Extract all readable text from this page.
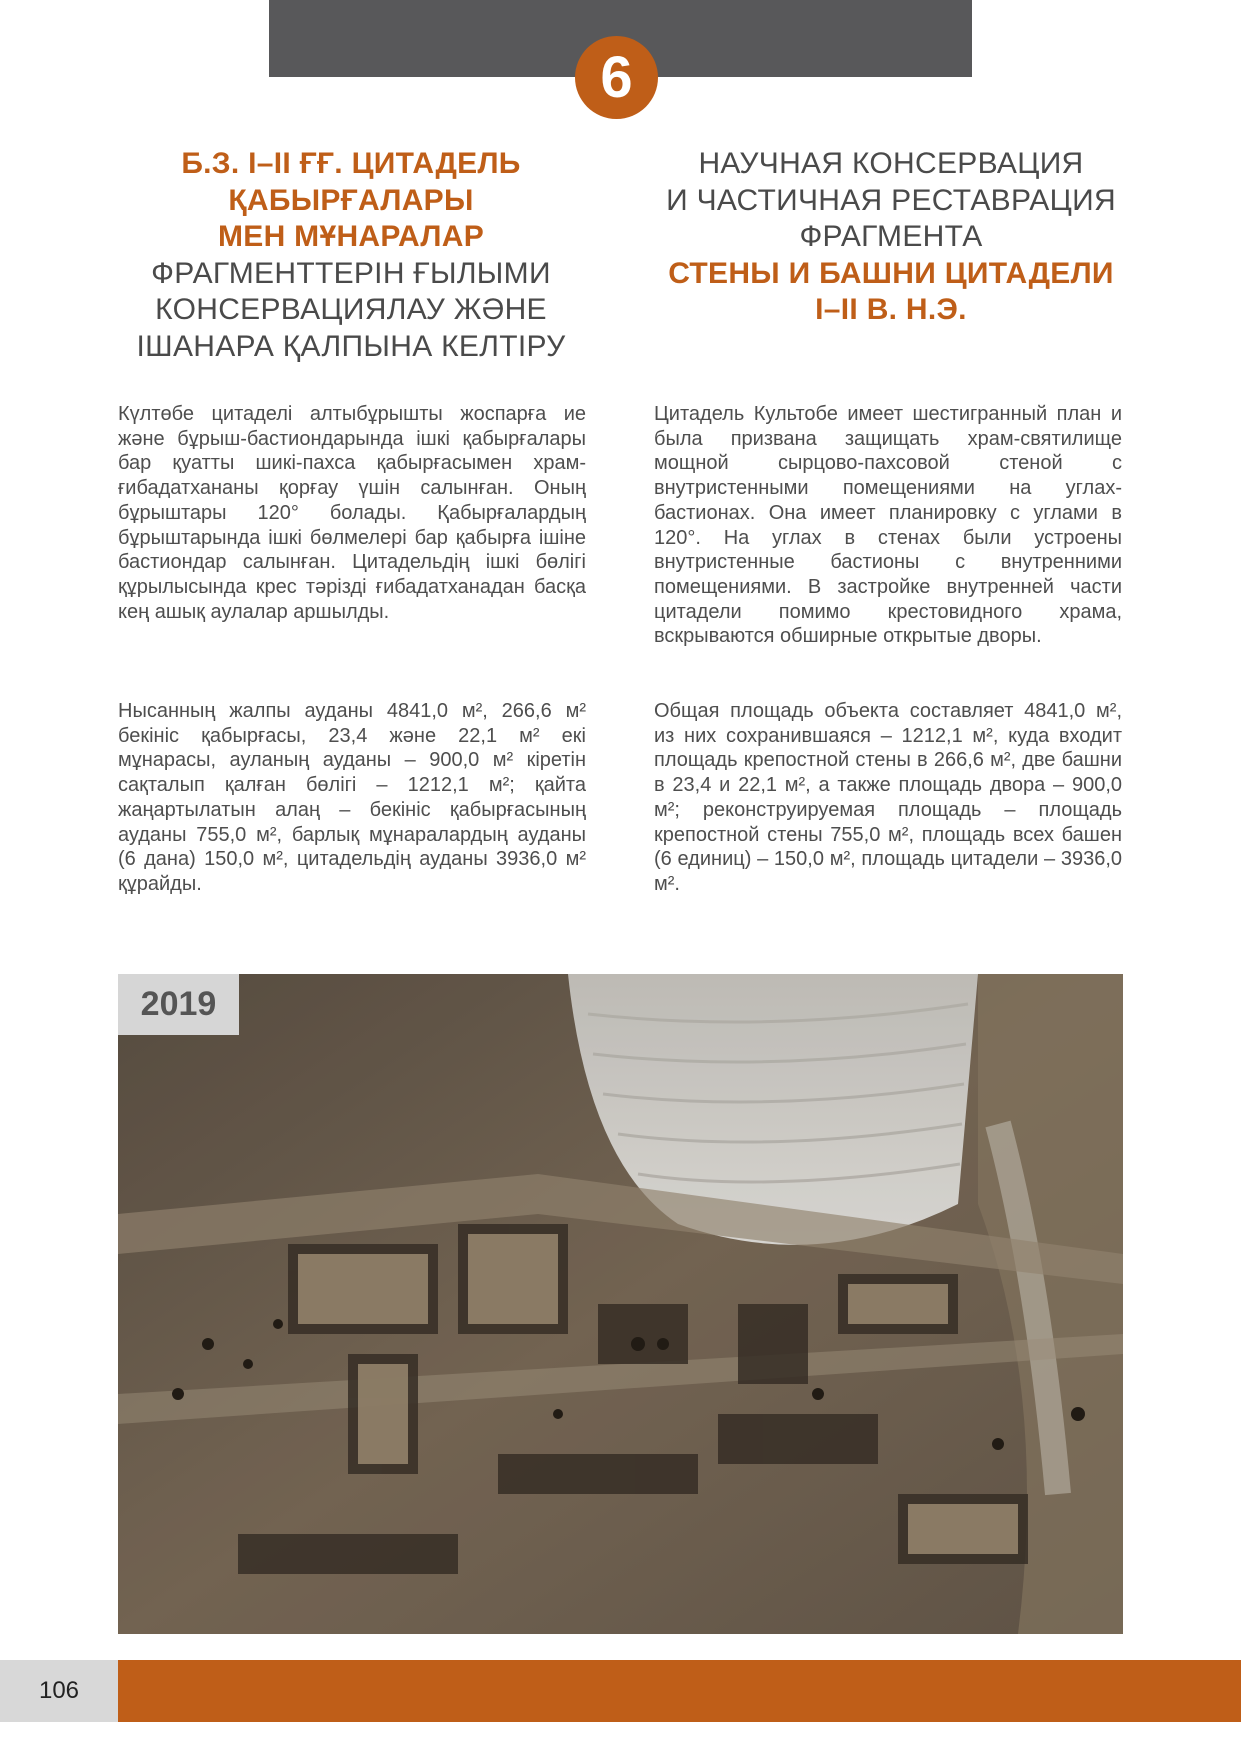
6
Б.З. І–ІІ ҒҒ. ЦИТАДЕЛЬ
ҚАБЫРҒАЛАРЫ
МЕН МҰНАРАЛАР
ФРАГМЕНТТЕРІН ҒЫЛЫМИ
КОНСЕРВАЦИЯЛАУ ЖӘНЕ
ІШАНАРА ҚАЛПЫНА КЕЛТІРУ
НАУЧНАЯ КОНСЕРВАЦИЯ
И ЧАСТИЧНАЯ РЕСТАВРАЦИЯ
ФРАГМЕНТА
СТЕНЫ И БАШНИ ЦИТАДЕЛИ
І–ІІ В. Н.Э.

Күлтөбе цитаделі алтыбұрышты жоспарға ие және бұрыш-бастиондарында ішкі қабырғалары бар қуатты шикі-пахса қабырғасымен храм-ғибадатхананы қорғау үшін салынған. Оның бұрыштары 120° болады. Қабырғалардың бұрыштарында ішкі бөлмелері бар қабырға ішіне бастиондар салынған. Цитадельдің ішкі бөлігі құрылысында крес тәрізді ғибадатханадан басқа кең ашық аулалар аршылды.

Нысанның жалпы ауданы 4841,0 м², 266,6 м² бекініс қабырғасы, 23,4 және 22,1 м² екі мұнарасы, ауланың ауданы – 900,0 м² кіретін сақталып қалған бөлігі – 1212,1 м²; қайта жаңартылатын алаң – бекініс қабырғасының ауданы 755,0 м², барлық мұнаралардың ауданы (6 дана) 150,0 м², цитадельдің ауданы 3936,0 м² құрайды.

Цитадель Культобе имеет шестигранный план и была призвана защищать храм-святилище мощной сырцово-пахсовой стеной с внутристенными помещениями на углах-бастионах. Она имеет планировку с углами в 120°. На углах в стенах были устроены внутристенные бастионы с внутренними помещениями. В застройке внутренней части цитадели помимо крестовидного храма, вскрываются обширные открытые дворы.

Общая площадь объекта составляет 4841,0 м², из них сохранившаяся – 1212,1 м², куда входит площадь крепостной стены в 266,6 м², две башни в 23,4 и 22,1 м², а также площадь двора – 900,0 м²; реконструируемая площадь – площадь крепостной стены 755,0 м², площадь всех башен (6 единиц) – 150,0 м², площадь цитадели – 3936,0 м².

2019
106
